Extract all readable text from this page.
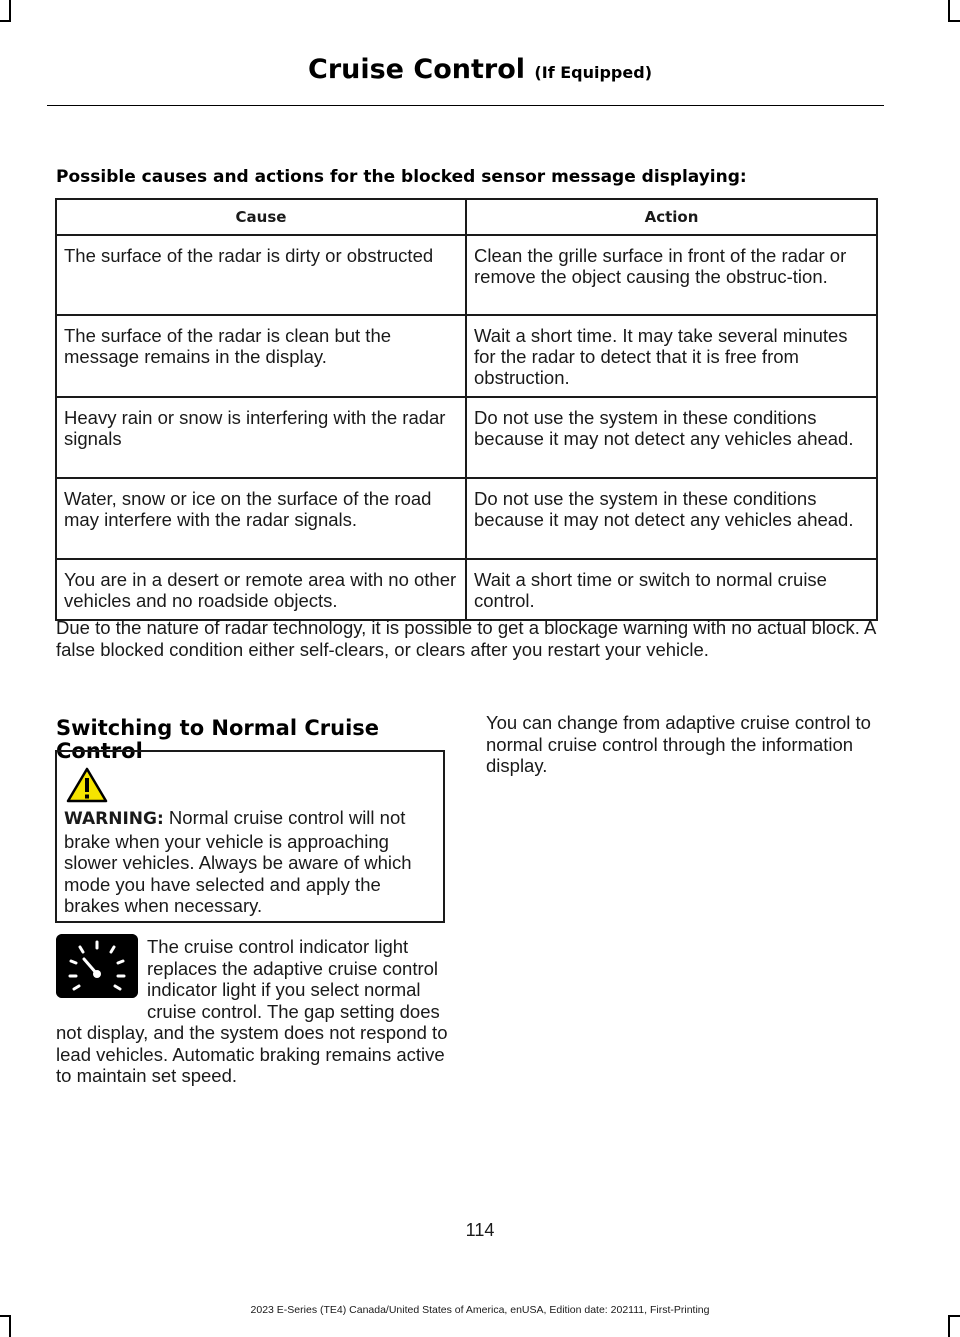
Cruise Control (If Equipped)
Possible causes and actions for the blocked sensor message displaying:
Cause	Action
The surface of the radar is dirty or obstructed	Clean the grille surface in front of the radar or remove the object causing the obstruc-tion.
The surface of the radar is clean but the message remains in the display.	Wait a short time. It may take several minutes for the radar to detect that it is free from obstruction.
Heavy rain or snow is interfering with the radar signals	Do not use the system in these conditions because it may not detect any vehicles ahead.
Water, snow or ice on the surface of the road may interfere with the radar signals.	Do not use the system in these conditions because it may not detect any vehicles ahead.
You are in a desert or remote area with no other vehicles and no roadside objects.	Wait a short time or switch to normal cruise control.
Due to the nature of radar technology, it is possible to get a blockage warning with no actual block. A false blocked condition either self-clears, or clears after you restart your vehicle.
Switching to Normal Cruise Control
WARNING: Normal cruise control will not brake when your vehicle is approaching slower vehicles. Always be aware of which mode you have selected and apply the brakes when necessary.
The cruise control indicator light replaces the adaptive cruise control indicator light if you select normal cruise control. The gap setting does not display, and the system does not respond to lead vehicles. Automatic braking remains active to maintain set speed.
You can change from adaptive cruise control to normal cruise control through the information display.
114
2023 E-Series (TE4) Canada/United States of America, enUSA, Edition date: 202111, First-Printing
